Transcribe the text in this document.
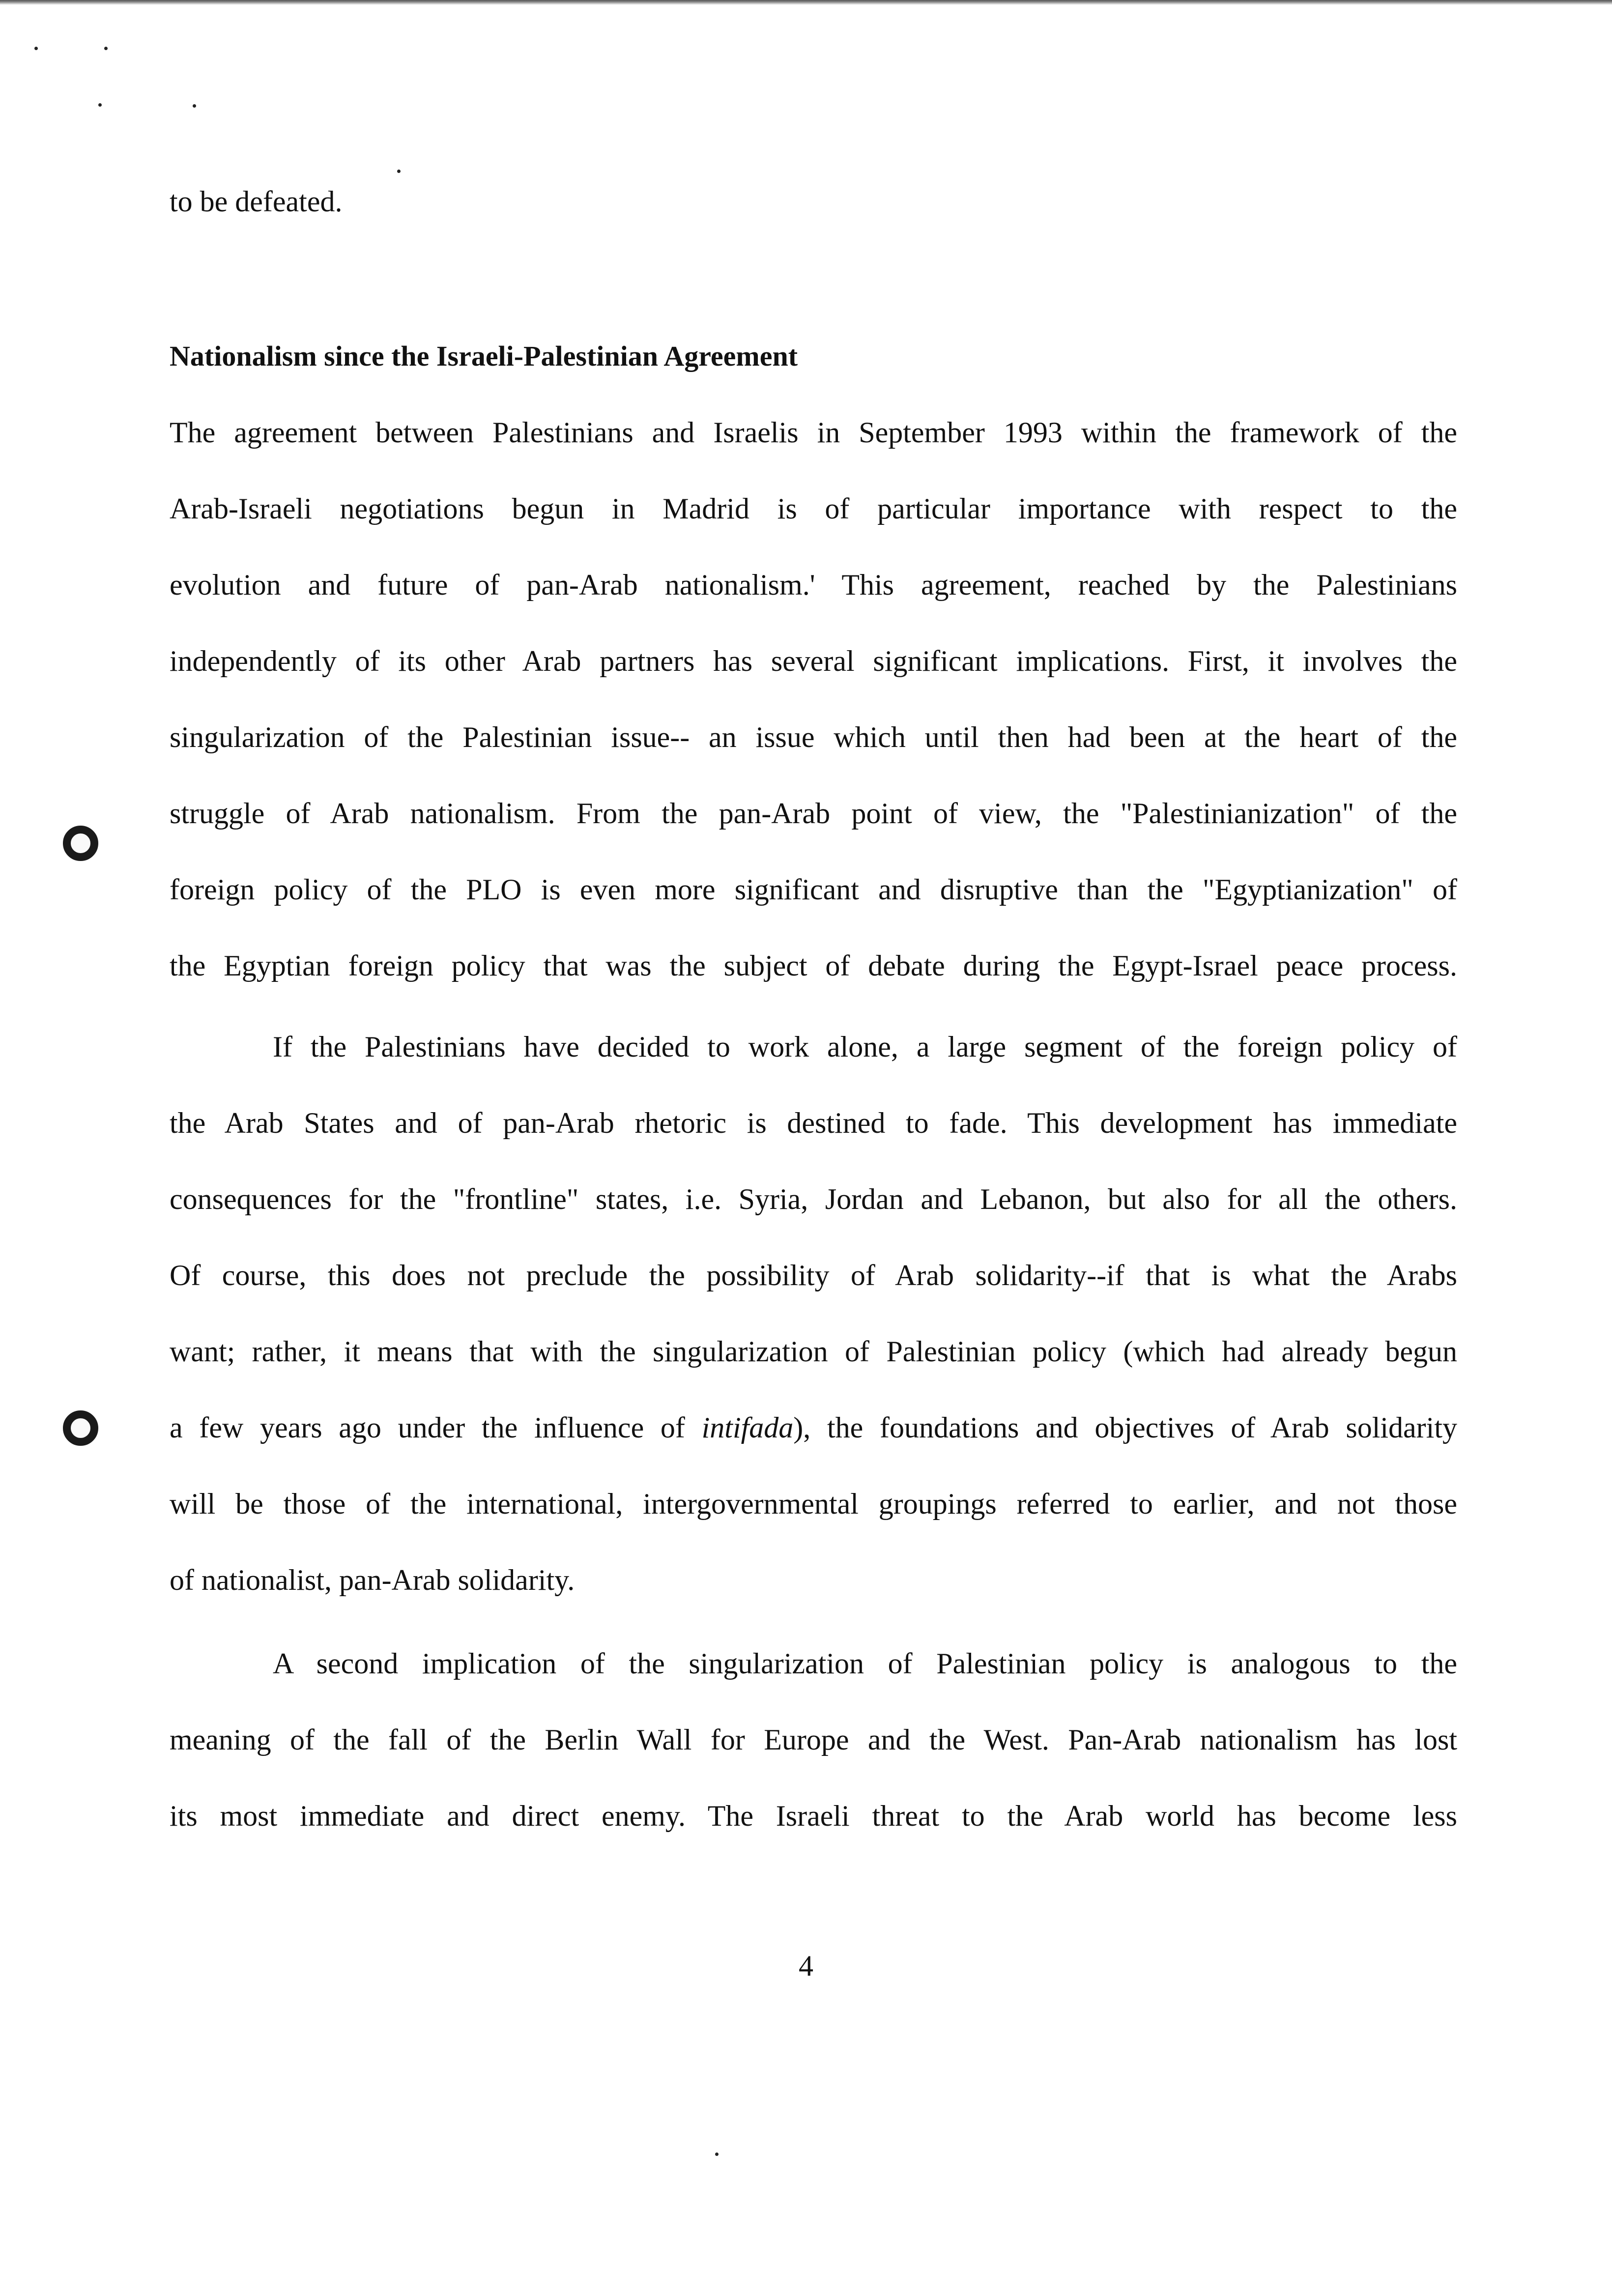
to be defeated.
Nationalism since the Israeli-Palestinian Agreement
The agreement between Palestinians and Israelis in September 1993 within the framework of the
Arab-Israeli negotiations begun in Madrid is of particular importance with respect to the
evolution and future of pan-Arab nationalism.' This agreement, reached by the Palestinians
independently of its other Arab partners has several significant implications. First, it involves the
singularization of the Palestinian issue-- an issue which until then had been at the heart of the
struggle of Arab nationalism. From the pan-Arab point of view, the "Palestinianization" of the
foreign policy of the PLO is even more significant and disruptive than the "Egyptianization" of
the Egyptian foreign policy that was the subject of debate during the Egypt-Israel peace process.
If the Palestinians have decided to work alone, a large segment of the foreign policy of
the Arab States and of pan-Arab rhetoric is destined to fade. This development has immediate
consequences for the "frontline" states, i.e. Syria, Jordan and Lebanon, but also for all the others.
Of course, this does not preclude the possibility of Arab solidarity--if that is what the Arabs
want; rather, it means that with the singularization of Palestinian policy (which had already begun
a few years ago under the influence of intifada), the foundations and objectives of Arab solidarity
will be those of the international, intergovernmental groupings referred to earlier, and not those
of nationalist, pan-Arab solidarity.
A second implication of the singularization of Palestinian policy is analogous to the
meaning of the fall of the Berlin Wall for Europe and the West. Pan-Arab nationalism has lost
its most immediate and direct enemy. The Israeli threat to the Arab world has become less
4
